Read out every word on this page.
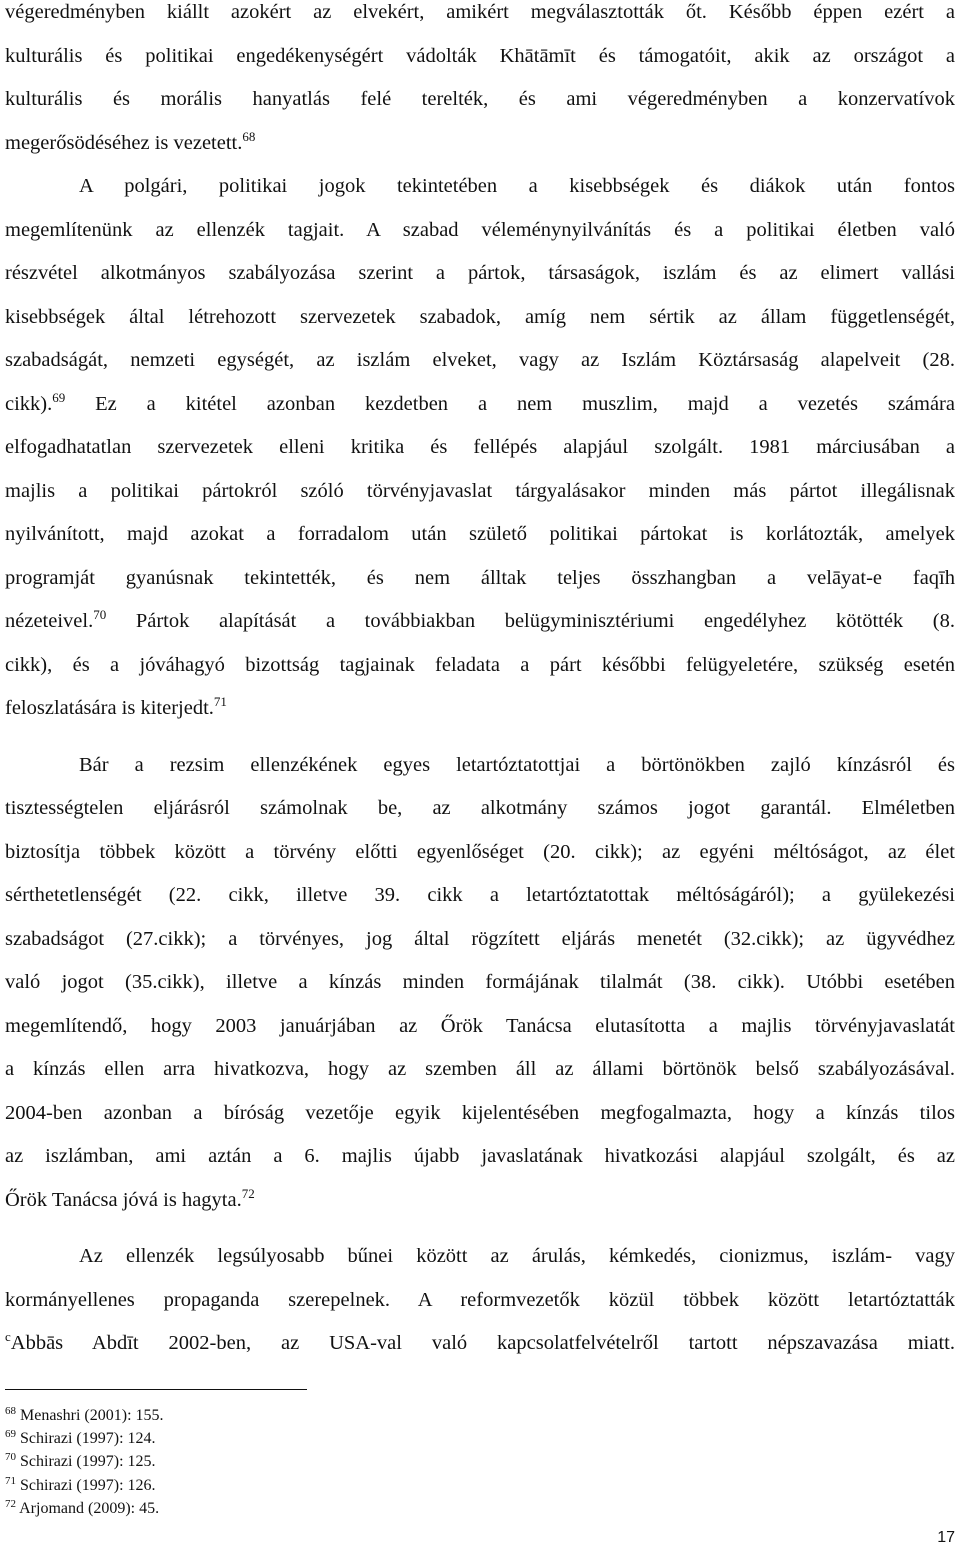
végeredményben kiállt azokért az elvekért, amikért megválasztották őt. Később éppen ezért a
kulturális és politikai engedékenységért vádolták Khātāmīt és támogatóit, akik az országot a
kulturális és morális hanyatlás felé terelték, és ami végeredményben a konzervatívok
megerősödéséhez is vezetett.$^{68}$

A polgári, politikai jogok tekintetében a kisebbségek és diákok után fontos
megemlítenünk az ellenzék tagjait. A szabad véleménynyilvánítás és a politikai életben való
részvétel alkotmányos szabályozása szerint a pártok, társaságok, iszlám és az elimert vallási
kisebbségek által létrehozott szervezetek szabadok, amíg nem sértik az állam függetlenségét,
szabadságát, nemzeti egységét, az iszlám elveket, vagy az Iszlám Köztársaság alapelveit (28.
cikk).$^{69}$ Ez a kitétel azonban kezdetben a nem muszlim, majd a vezetés számára
elfogadhatatlan szervezetek elleni kritika és fellépés alapjául szolgált. 1981 márciusában a
majlis a politikai pártokról szóló törvényjavaslat tárgyalásakor minden más pártot illegálisnak
nyilvánított, majd azokat a forradalom után születő politikai pártokat is korlátozták, amelyek
programját gyanúsnak tekintették, és nem álltak teljes összhangban a velāyat-e faqīh
nézeteivel.$^{70}$ Pártok alapítását a továbbiakban belügyminisztériumi engedélyhez kötötték (8.
cikk), és a jóváhagyó bizottság tagjainak feladata a párt későbbi felügyeletére, szükség esetén
feloszlatására is kiterjedt.$^{71}$

Bár a rezsim ellenzékének egyes letartóztatottjai a börtönökben zajló kínzásról és
tisztességtelen eljárásról számolnak be, az alkotmány számos jogot garantál. Elméletben
biztosítja többek között a törvény előtti egyenlőséget (20. cikk); az egyéni méltóságot, az élet
sérthetetlenségét (22. cikk, illetve 39. cikk a letartóztatottak méltóságáról); a gyülekezési
szabadságot (27.cikk); a törvényes, jog által rögzített eljárás menetét (32.cikk); az ügyvédhez
való jogot (35.cikk), illetve a kínzás minden formájának tilalmát (38. cikk). Utóbbi esetében
megemlítendő, hogy 2003 januárjában az Őrök Tanácsa elutasította a majlis törvényjavaslatát
a kínzás ellen arra hivatkozva, hogy az szemben áll az állami börtönök belső szabályozásával.
2004-ben azonban a bíróság vezetője egyik kijelentésében megfogalmazta, hogy a kínzás tilos
az iszlámban, ami aztán a 6. majlis újabb javaslatának hivatkozási alapjául szolgált, és az
Őrök Tanácsa jóvá is hagyta.$^{72}$

Az ellenzék legsúlyosabb bűnei között az árulás, kémkedés, cionizmus, iszlám- vagy
kormányellenes propaganda szerepelnek. A reformvezetők közül többek között letartóztatták
$^c$Abbās Abdīt 2002-ben, az USA-val való kapcsolatfelvételről tartott népszavazása miatt.

$^{68}$ Menashri (2001): 155.
$^{69}$ Schirazi (1997): 124.
$^{70}$ Schirazi (1997): 125.
$^{71}$ Schirazi (1997): 126.
$^{72}$ Arjomand (2009): 45.
17
